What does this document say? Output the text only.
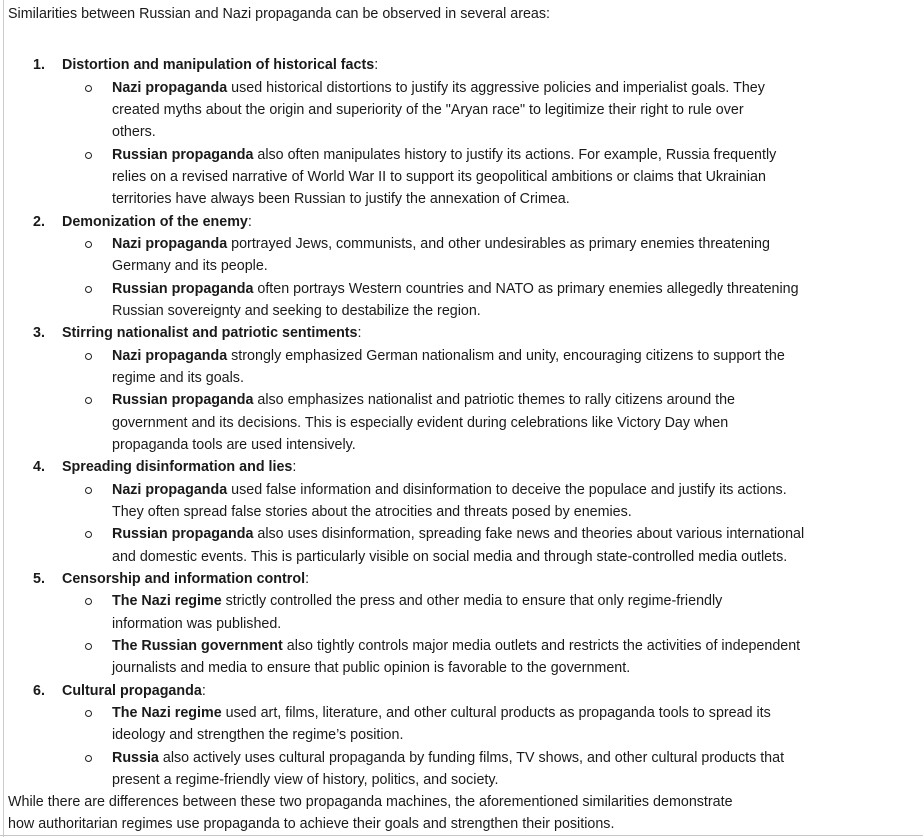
Similarities between Russian and Nazi propaganda can be observed in several areas:
1. Distortion and manipulation of historical facts:
Nazi propaganda used historical distortions to justify its aggressive policies and imperialist goals. They
created myths about the origin and superiority of the "Aryan race" to legitimize their right to rule over
others.
Russian propaganda also often manipulates history to justify its actions. For example, Russia frequently
relies on a revised narrative of World War II to support its geopolitical ambitions or claims that Ukrainian
territories have always been Russian to justify the annexation of Crimea.
2. Demonization of the enemy:
Nazi propaganda portrayed Jews, communists, and other undesirables as primary enemies threatening
Germany and its people.
Russian propaganda often portrays Western countries and NATO as primary enemies allegedly threatening
Russian sovereignty and seeking to destabilize the region.
3. Stirring nationalist and patriotic sentiments:
Nazi propaganda strongly emphasized German nationalism and unity, encouraging citizens to support the
regime and its goals.
Russian propaganda also emphasizes nationalist and patriotic themes to rally citizens around the
government and its decisions. This is especially evident during celebrations like Victory Day when
propaganda tools are used intensively.
4. Spreading disinformation and lies:
Nazi propaganda used false information and disinformation to deceive the populace and justify its actions.
They often spread false stories about the atrocities and threats posed by enemies.
Russian propaganda also uses disinformation, spreading fake news and theories about various international
and domestic events. This is particularly visible on social media and through state-controlled media outlets.
5. Censorship and information control:
The Nazi regime strictly controlled the press and other media to ensure that only regime-friendly
information was published.
The Russian government also tightly controls major media outlets and restricts the activities of independent
journalists and media to ensure that public opinion is favorable to the government.
6. Cultural propaganda:
The Nazi regime used art, films, literature, and other cultural products as propaganda tools to spread its
ideology and strengthen the regime’s position.
Russia also actively uses cultural propaganda by funding films, TV shows, and other cultural products that
present a regime-friendly view of history, politics, and society.
While there are differences between these two propaganda machines, the aforementioned similarities demonstrate
how authoritarian regimes use propaganda to achieve their goals and strengthen their positions.
